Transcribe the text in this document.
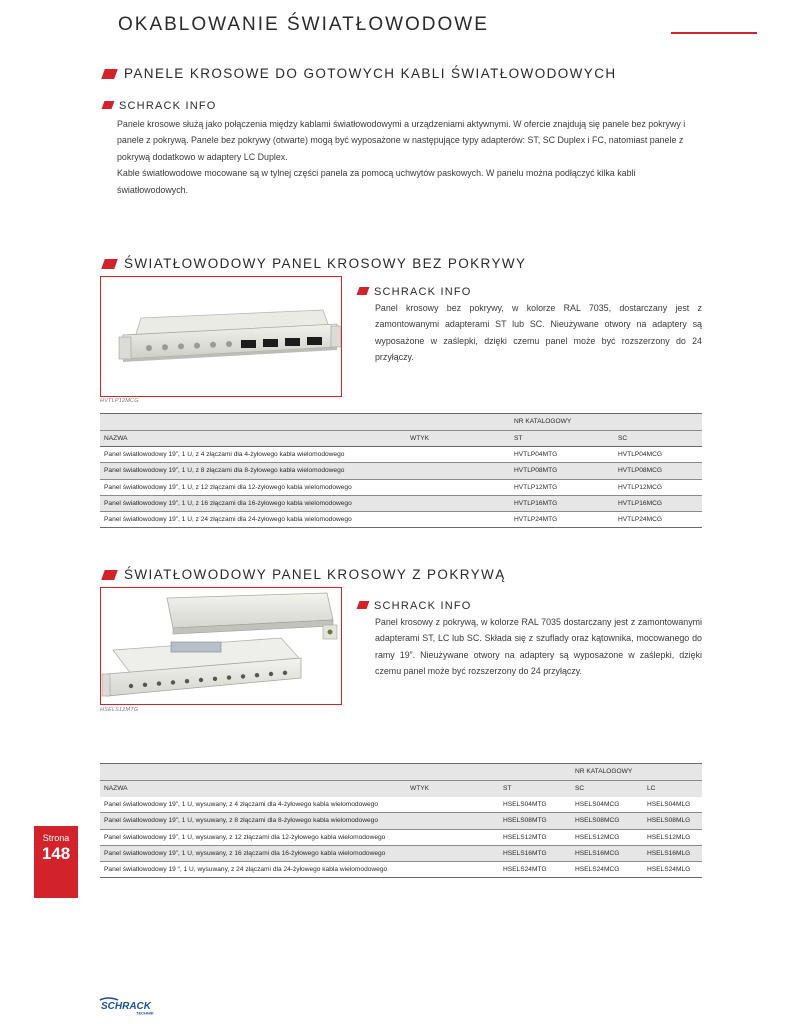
OKABLOWANIE ŚWIATŁOWODOWE
PANELE KROSOWE DO GOTOWYCH KABLI ŚWIATŁOWODOWYCH
SCHRACK INFO

Panele krosowe służą jako połączenia między kablami światłowodowymi a urządzeniami aktywnymi. W ofercie znajdują się panele bez pokrywy i panele z pokrywą. Panele bez pokrywy (otwarte) mogą być wyposażone w następujące typy adapterów: ST, SC Duplex i FC, natomiast panele z pokrywą dodatkowo w adaptery LC Duplex.

Kable światłowodowe mocowane są w tylnej części panela za pomocą uchwytów paskowych. W panelu można podłączyć kilka kabli światłowodowych.

ŚWIATŁOWODOWY PANEL KROSOWY BEZ POKRYWY
HVTLP12MCG
SCHRACK INFO
Panel krosowy bez pokrywy, w kolorze RAL 7035, dostarczany jest z zamontowanymi adapterami ST lub SC. Nieużywane otwory na adaptery są wyposażone w zaślepki, dzięki czemu panel może być rozszerzony do 24 przyłączy.
		NR KATALOGOWY	
NAZWA	WTYK	ST	SC
Panel światłowodowy 19”, 1 U, z 4 złączami dla 4-żyłowego kabla wielomodowego		HVTLP04MTG	HVTLP04MCG
Panel światłowodowy 19”, 1 U, z 8 złączami dla 8-żyłowego kabla wielomodowego		HVTLP08MTG	HVTLP08MCG
Panel światłowodowy 19”, 1 U, z 12 złączami dla 12-żyłowego kabla wielomodowego		HVTLP12MTG	HVTLP12MCG
Panel światłowodowy 19”, 1 U, z 16 złączami dla 16-żyłowego kabla wielomodowego		HVTLP16MTG	HVTLP16MCG
Panel światłowodowy 19”, 1 U, z 24 złączami dla 24-żyłowego kabla wielomodowego		HVTLP24MTG	HVTLP24MCG
ŚWIATŁOWODOWY PANEL KROSOWY Z POKRYWĄ
HSELS12MTG
SCHRACK INFO
Panel krosowy z pokrywą, w kolorze RAL 7035 dostarczany jest z zamontowanymi adapterami ST, LC lub SC. Składa się z szuflady oraz kątownika, mocowanego do ramy 19”. Nieużywane otwory na adaptery są wyposażone w zaślepki, dzięki czemu panel może być rozszerzony do 24 przyłączy.
			NR KATALOGOWY	
NAZWA	WTYK	ST	SC	LC
Panel światłowodowy 19”, 1 U, wysuwany, z 4 złączami dla 4-żyłowego kabla wielomodowego		HSELS04MTG	HSELS04MCG	HSELS04MLG
Panel światłowodowy 19”, 1 U, wysuwany, z 8 złączami dla 8-żyłowego kabla wielomodowego		HSELS08MTG	HSELS08MCG	HSELS08MLG
Panel światłowodowy 19”, 1 U, wysuwany, z 12 złączami dla 12-żyłowego kabla wielomodowego		HSELS12MTG	HSELS12MCG	HSELS12MLG
Panel światłowodowy 19”, 1 U, wysuwany, z 16 złączami dla 16-żyłowego kabla wielomodowego		HSELS16MTG	HSELS16MCG	HSELS16MLG
Panel światłowodowy 19 “, 1 U, wysuwany, z 24 złączami dla 24-żyłowego kabla wielomodowego		HSELS24MTG	HSELS24MCG	HSELS24MLG
Strona
148
SCHRACK
TECHNIK
